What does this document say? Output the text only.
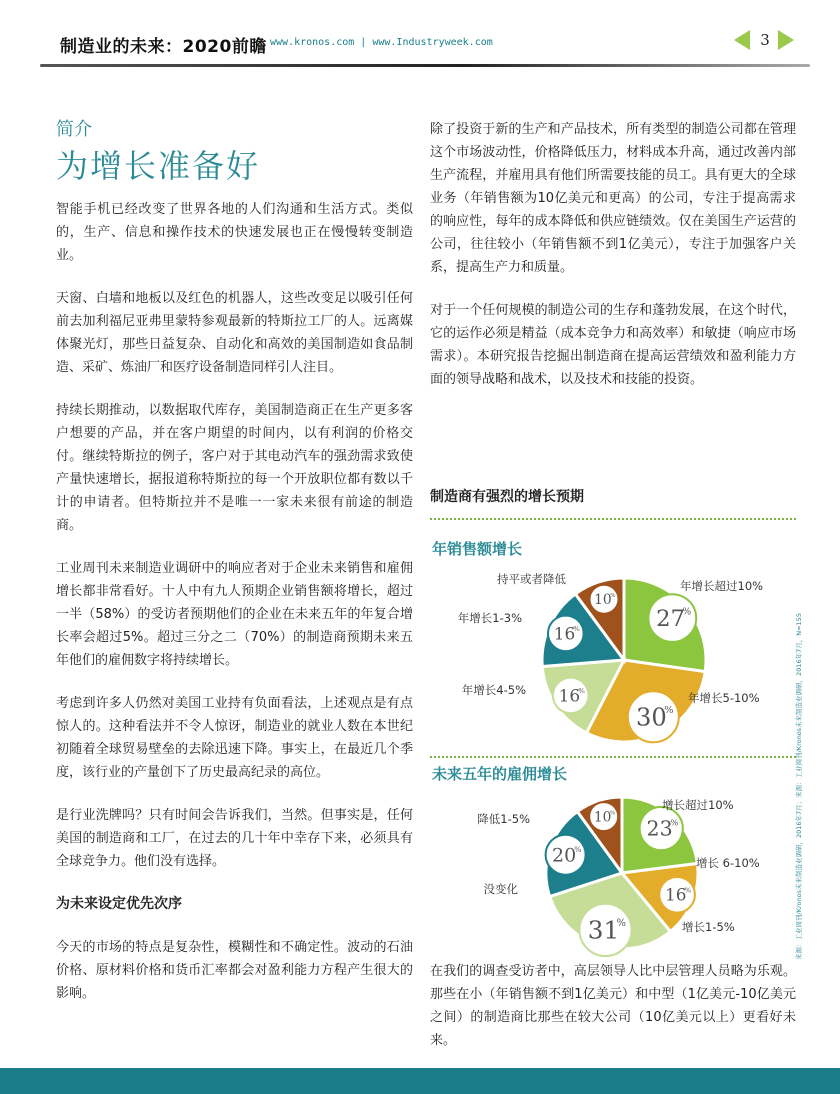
制造业的未来：2020前瞻 www.kronos.com | www.Industryweek.com	3
简介
为增长准备好

智能手机已经改变了世界各地的人们沟通和生活方式。类似的，生产、信息和操作技术的快速发展也正在慢慢转变制造业。

天窗、白墙和地板以及红色的机器人，这些改变足以吸引任何前去加利福尼亚弗里蒙特参观最新的特斯拉工厂的人。远离媒体聚光灯，那些日益复杂、自动化和高效的美国制造如食品制造、采矿、炼油厂和医疗设备制造同样引人注目。

持续长期推动，以数据取代库存，美国制造商正在生产更多客户想要的产品，并在客户期望的时间内，以有利润的价格交付。继续特斯拉的例子，客户对于其电动汽车的强劲需求致使产量快速增长，据报道称特斯拉的每一个开放职位都有数以千计的申请者。但特斯拉并不是唯一一家未来很有前途的制造商。

工业周刊未来制造业调研中的响应者对于企业未来销售和雇佣增长都非常看好。十人中有九人预期企业销售额将增长，超过一半（58%）的受访者预期他们的企业在未来五年的年复合增长率会超过5%。超过三分之二（70%）的制造商预期未来五年他们的雇佣数字将持续增长。

考虑到许多人仍然对美国工业持有负面看法，上述观点是有点惊人的。这种看法并不令人惊讶，制造业的就业人数在本世纪初随着全球贸易壁垒的去除迅速下降。事实上，在最近几个季度，该行业的产量创下了历史最高纪录的高位。

是行业洗牌吗？只有时间会告诉我们，当然。但事实是，任何美国的制造商和工厂，在过去的几十年中幸存下来，必须具有全球竞争力。他们没有选择。

为未来设定优先次序

今天的市场的特点是复杂性，模糊性和不确定性。波动的石油价格、原材料价格和货币汇率都会对盈利能力方程产生很大的影响。

除了投资于新的生产和产品技术，所有类型的制造公司都在管理这个市场波动性，价格降低压力，材料成本升高，通过改善内部生产流程，并雇用具有他们所需要技能的员工。具有更大的全球业务（年销售额为10亿美元和更高）的公司，专注于提高需求的响应性，每年的成本降低和供应链绩效。仅在美国生产运营的公司，往往较小（年销售额不到1亿美元），专注于加强客户关系，提高生产力和质量。

对于一个任何规模的制造公司的生存和蓬勃发展，在这个时代，它的运作必须是精益（成本竞争力和高效率）和敏捷（响应市场需求）。本研究报告挖掘出制造商在提高运营绩效和盈利能力方面的领导战略和战术，以及技术和技能的投资。

制造商有强烈的增长预期
年销售额增长
27
%
年增长超过10%
30
%
年增长5-10%
16
%
年增长4-5%
16
%
年增长1-3%
10
%
持平或者降低
未来五年的雇佣增长
23
%
增长超过10%
16
%
增长 6-10%
31
%	增长1-5%
20
%
没变化
10
%
降低1-5%
在我们的调查受访者中，高层领导人比中层管理人员略为乐观。那些在小（年销售额不到1亿美元）和中型（1亿美元-10亿美元之间）的制造商比那些在较大公司（10亿美元以上）更看好未来。
来源：工业周刊/Kronos未来制造业调研，2016年7月；来源：工业周刊/Kronos未来制造业调研，2016年7月，N=155
